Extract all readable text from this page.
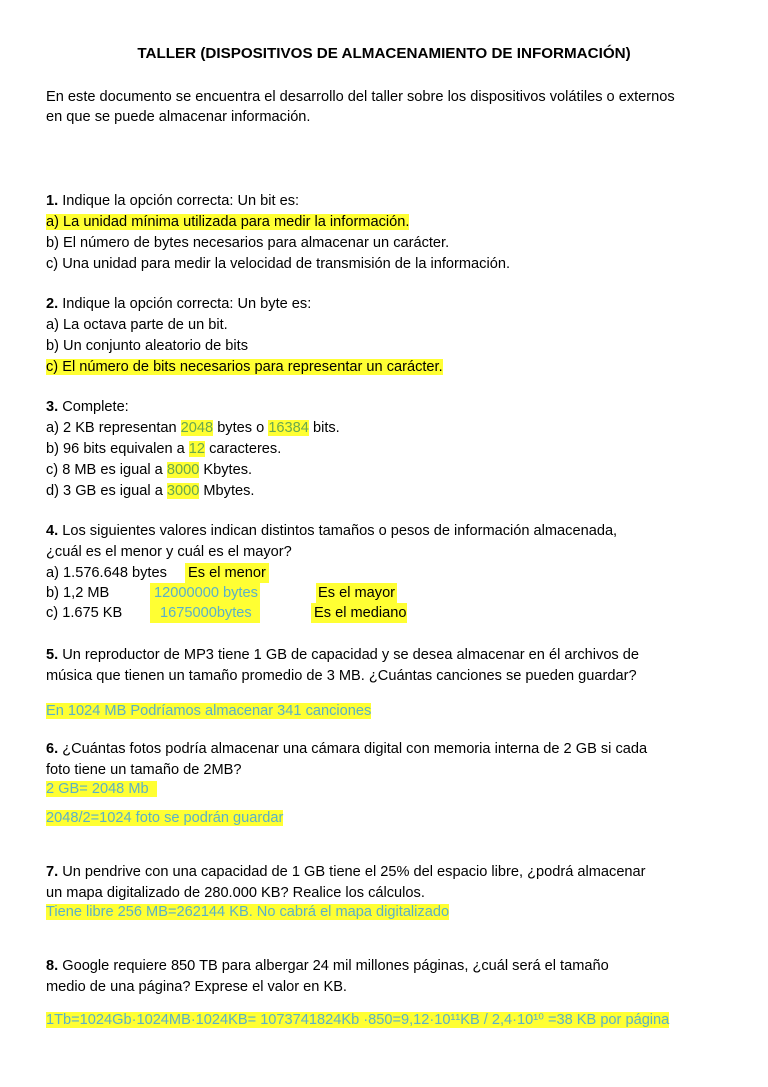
TALLER (DISPOSITIVOS DE ALMACENAMIENTO DE INFORMACIÓN)
En este documento se encuentra el desarrollo del taller sobre los dispositivos volátiles o externos
en que se puede almacenar información.
1. Indique la opción correcta: Un bit es:
a) La unidad mínima utilizada para medir la información.
b) El número de bytes necesarios para almacenar un carácter.
c) Una unidad para medir la velocidad de transmisión de la información.
2. Indique la opción correcta: Un byte es:
a) La octava parte de un bit.
b) Un conjunto aleatorio de bits
c) El número de bits necesarios para representar un carácter.
3. Complete:
a) 2 KB representan 2048 bytes o 16384 bits.
b) 96 bits equivalen a 12 caracteres.
c) 8 MB es igual a 8000 Kbytes.
d) 3 GB es igual a 3000 Mbytes.
4. Los siguientes valores indican distintos tamaños o pesos de información almacenada,
¿cuál es el menor y cuál es el mayor?
a) 1.576.648 bytes Es el menor
b) 1,2 MB	12000000 bytes	Es el mayor
c) 1.675 KB	1675000bytes	Es el mediano
5. Un reproductor de MP3 tiene 1 GB de capacidad y se desea almacenar en él archivos de
música que tienen un tamaño promedio de 3 MB. ¿Cuántas canciones se pueden guardar?
En 1024 MB Podríamos almacenar 341 canciones
6. ¿Cuántas fotos podría almacenar una cámara digital con memoria interna de 2 GB si cada
foto tiene un tamaño de 2MB?
2 GB= 2048 Mb
2048/2=1024 foto se podrán guardar
7. Un pendrive con una capacidad de 1 GB tiene el 25% del espacio libre, ¿podrá almacenar
un mapa digitalizado de 280.000 KB? Realice los cálculos.
Tiene libre 256 MB=262144 KB. No cabrá el mapa digitalizado
8. Google requiere 850 TB para albergar 24 mil millones páginas, ¿cuál será el tamaño
medio de una página? Exprese el valor en KB.
1Tb=1024Gb·1024MB·1024KB= 1073741824Kb ·850=9,12·10¹¹KB / 2,4·10¹⁰ =38 KB por página
